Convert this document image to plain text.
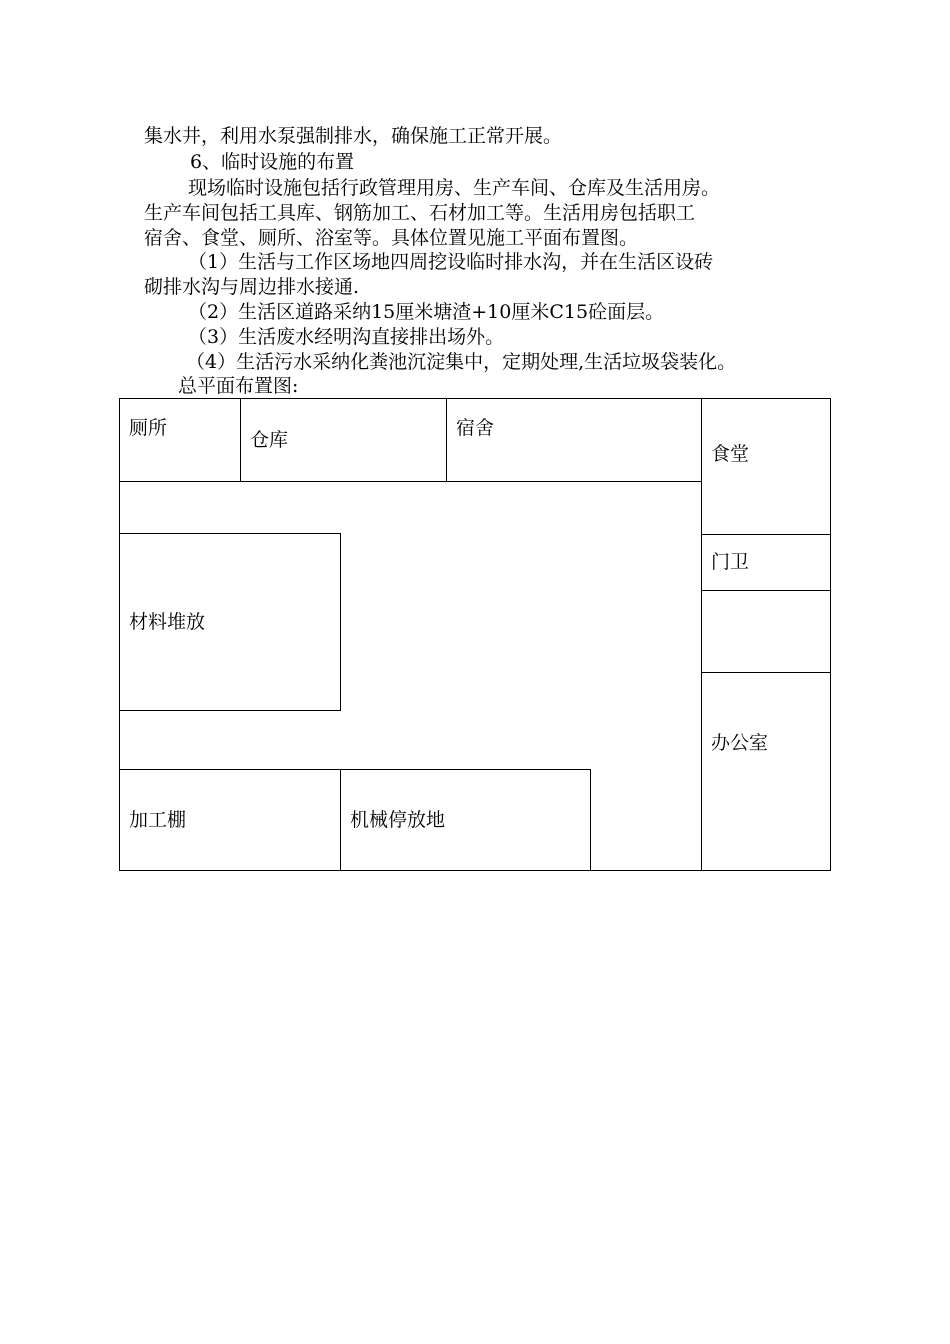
集水井，利用水泵强制排水，确保施工正常开展。

6、临时设施的布置

现场临时设施包括行政管理用房、生产车间、仓库及生活用房。

生产车间包括工具库、钢筋加工、石材加工等。生活用房包括职工

宿舍、食堂、厕所、浴室等。具体位置见施工平面布置图。

（1）生活与工作区场地四周挖设临时排水沟，并在生活区设砖

砌排水沟与周边排水接通.

（2）生活区道路采纳15厘米塘渣+10厘米C15砼面层。

（3）生活废水经明沟直接排出场外。

（4）生活污水采纳化粪池沉淀集中，定期处理,生活垃圾袋装化。

总平面布置图:

厕所
仓库
宿舍
食堂
门卫
材料堆放
办公室
加工棚	机械停放地
